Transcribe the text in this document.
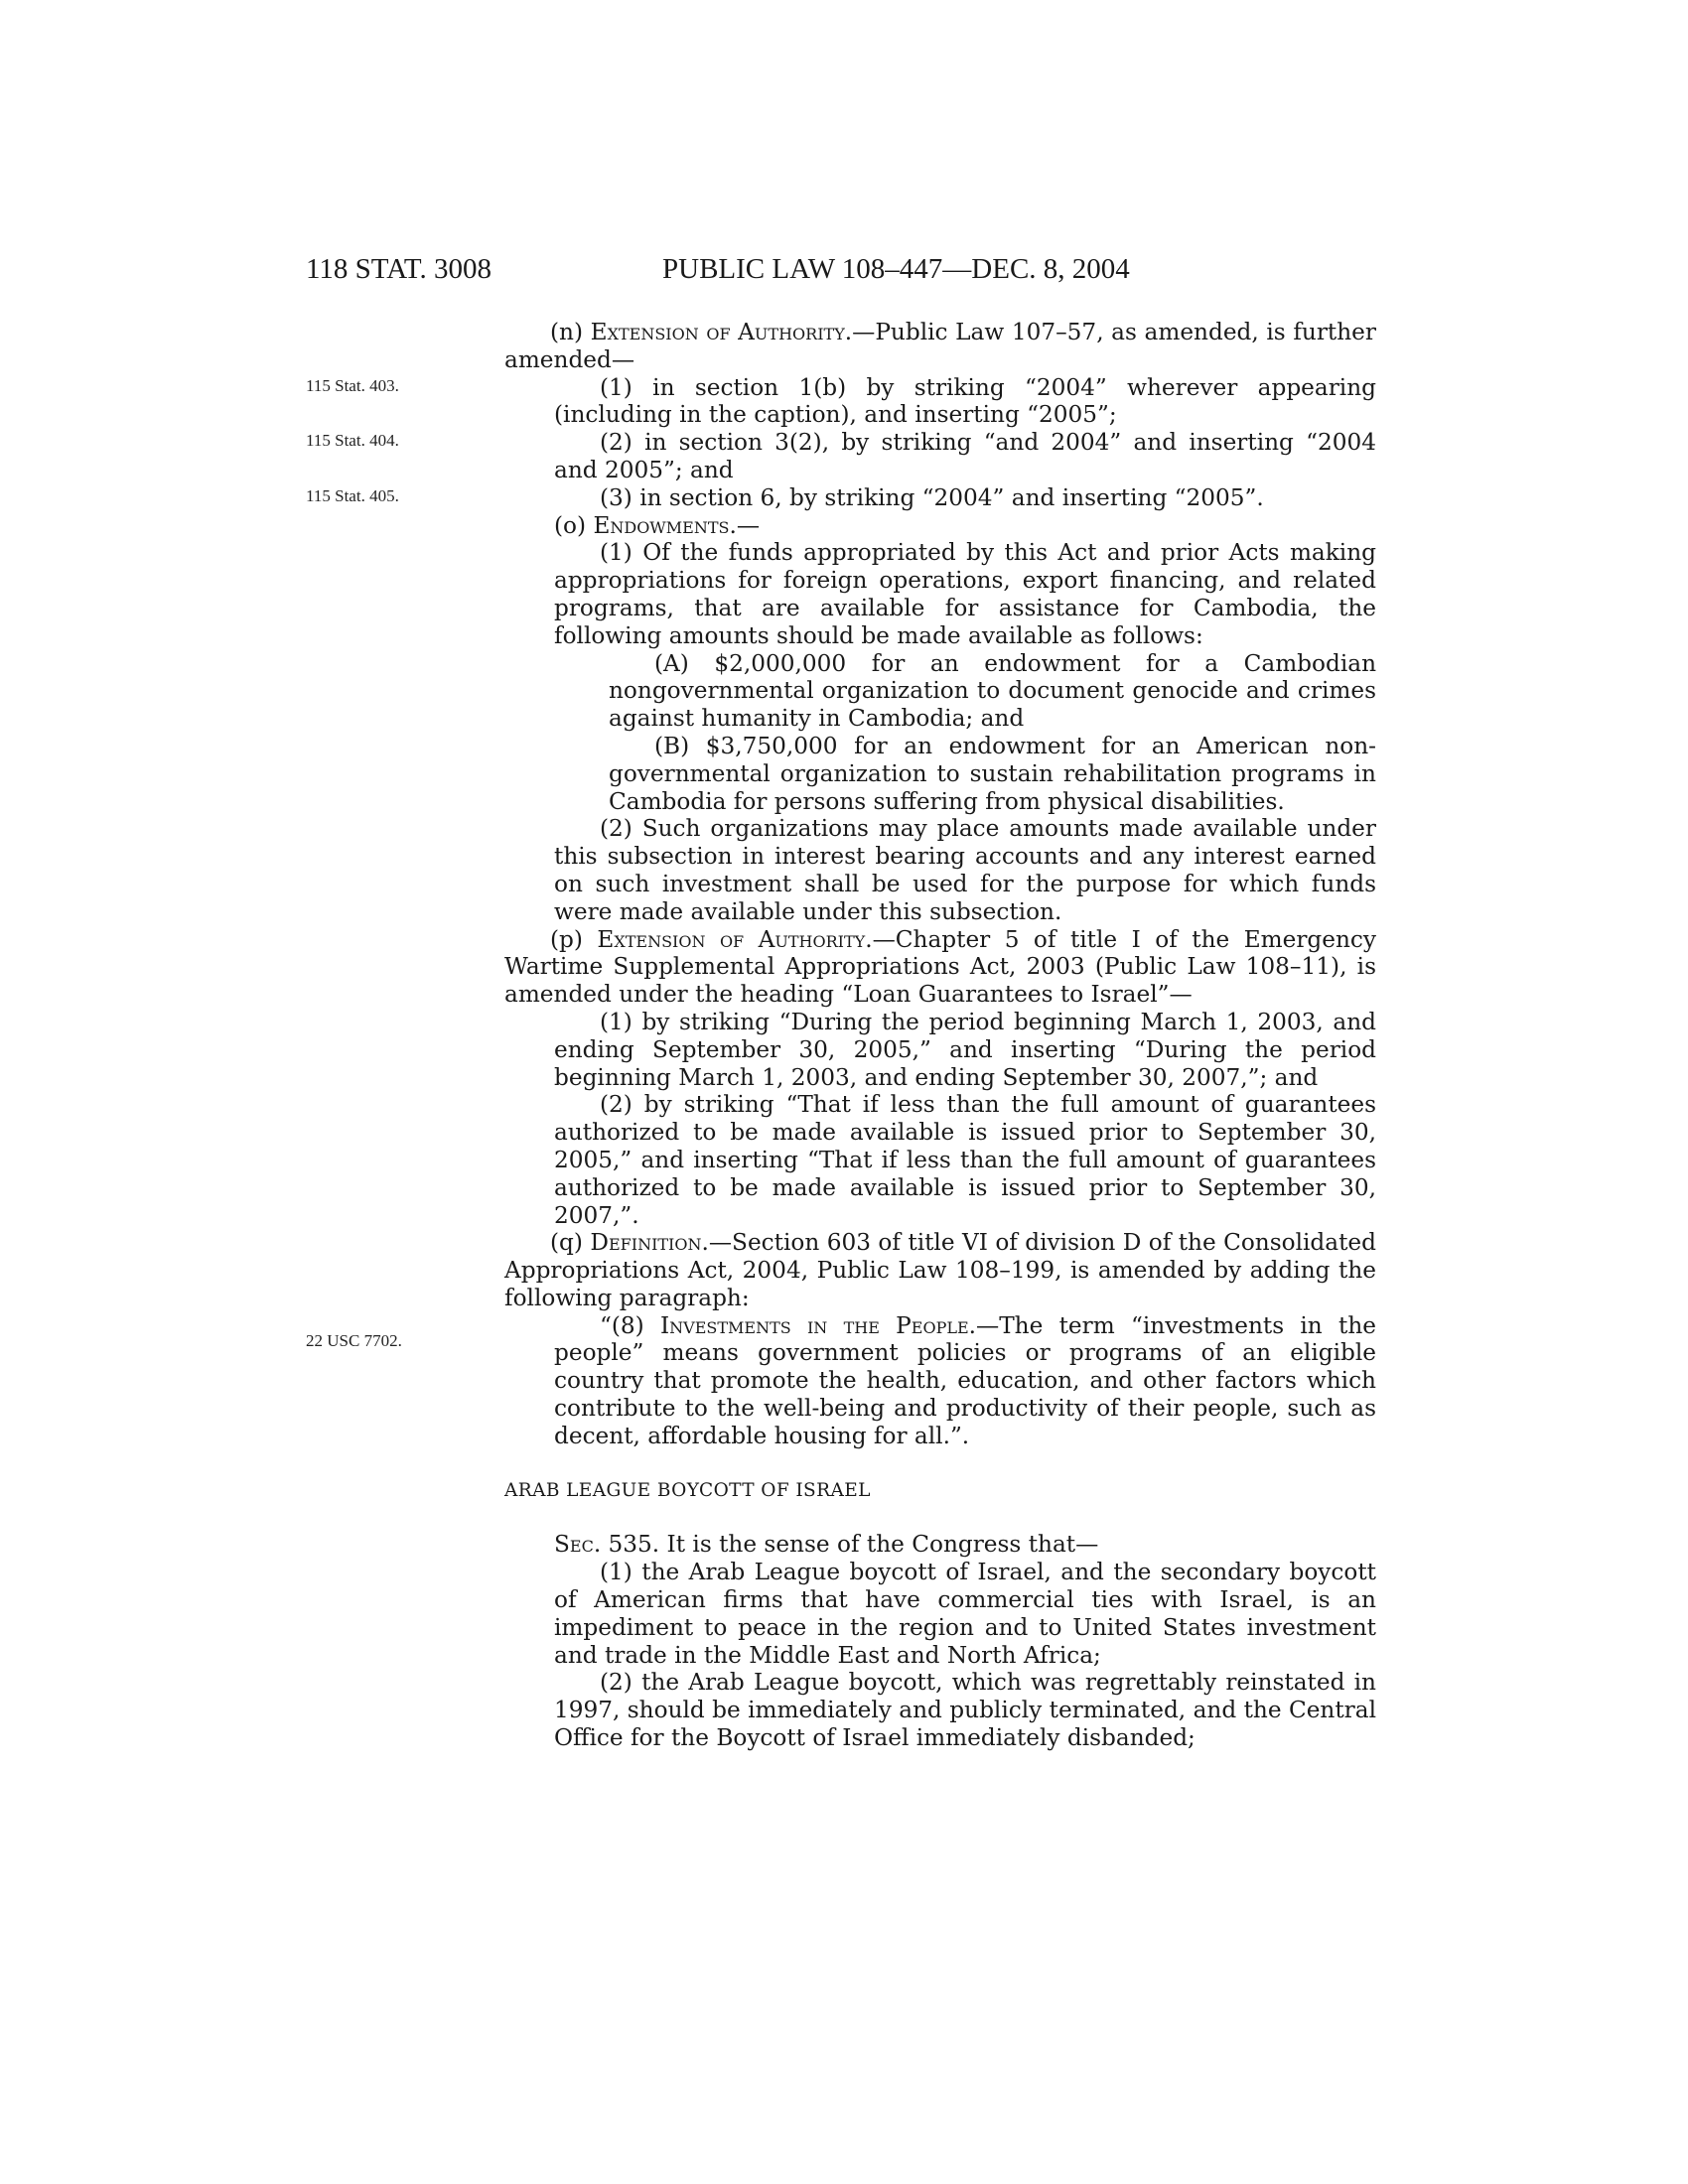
118 STAT. 3008	PUBLIC LAW 108–447—DEC. 8, 2004
115 Stat. 403.
115 Stat. 404.
115 Stat. 405.
22 USC 7702.

(n) Extension of Authority.—Public Law 107–57, as amended, is further amended—

(1) in section 1(b) by striking “2004” wherever appearing (including in the caption), and inserting “2005”;

(2) in section 3(2), by striking “and 2004” and inserting “2004 and 2005”; and

(3) in section 6, by striking “2004” and inserting “2005”.

(o) Endowments.—

(1) Of the funds appropriated by this Act and prior Acts making appropriations for foreign operations, export financing, and related programs, that are available for assistance for Cambodia, the following amounts should be made available as follows:

(A) $2,000,000 for an endowment for a Cambodian nongovernmental organization to document genocide and crimes against humanity in Cambodia; and

(B) $3,750,000 for an endowment for an American non-governmental organization to sustain rehabilitation programs in Cambodia for persons suffering from physical disabilities.

(2) Such organizations may place amounts made available under this subsection in interest bearing accounts and any interest earned on such investment shall be used for the purpose for which funds were made available under this subsection.

(p) Extension of Authority.—Chapter 5 of title I of the Emergency Wartime Supplemental Appropriations Act, 2003 (Public Law 108–11), is amended under the heading “Loan Guarantees to Israel”—

(1) by striking “During the period beginning March 1, 2003, and ending September 30, 2005,” and inserting “During the period beginning March 1, 2003, and ending September 30, 2007,”; and

(2) by striking “That if less than the full amount of guarantees authorized to be made available is issued prior to September 30, 2005,” and inserting “That if less than the full amount of guarantees authorized to be made available is issued prior to September 30, 2007,”.

(q) Definition.—Section 603 of title VI of division D of the Consolidated Appropriations Act, 2004, Public Law 108–199, is amended by adding the following paragraph:

“(8) Investments in the People.—The term “investments in the people” means government policies or programs of an eligible country that promote the health, education, and other factors which contribute to the well-being and productivity of their people, such as decent, affordable housing for all.”.

ARAB LEAGUE BOYCOTT OF ISRAEL

Sec. 535. It is the sense of the Congress that—

(1) the Arab League boycott of Israel, and the secondary boycott of American firms that have commercial ties with Israel, is an impediment to peace in the region and to United States investment and trade in the Middle East and North Africa;

(2) the Arab League boycott, which was regrettably reinstated in 1997, should be immediately and publicly terminated, and the Central Office for the Boycott of Israel immediately disbanded;
